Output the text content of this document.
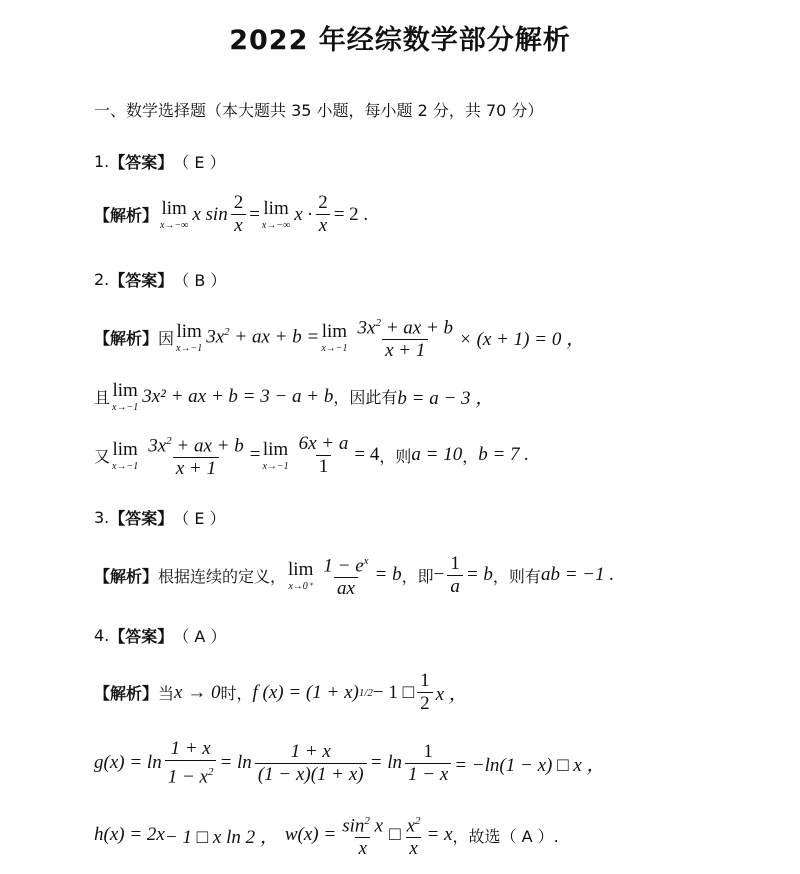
2022 年经综数学部分解析
一、数学选择题（本大题共 35 小题，每小题 2 分，共 70 分）
1. 【答案】 （ E ）
【解析】 lim
x→−∞
x $\sin \frac{2}{x} = \lim$
x→−∞
$x \cdot \frac{2}{x} = 2$ .
2. 【答案】 （ B ）
【解析】 因 lim
x→−1
$3x^2$ + ax + b = lim
$x\to-1 \frac{3x^2 + ax + b}{x + 1} \times (x + 1) = 0$ ，
且 lim
x→−1
3x² + ax + b = 3 − a + b ，因此有 b = a − 3 ，
又 lim
$x\to-1 \frac{3x^2 + ax + b}{x + 1} = \lim$
$x\to-1 \frac{6x + a}{1} = 4$ ，则 a = 10 ， b = 7 .
3. 【答案】 （ E ）
【解析】 根据连续的定义， lim
$x\to 0^+ \frac{1 - e^x}{ax} = b$ ，即 − $\frac{1}{a} = b$ ，则有 ab = −1 .
4. 【答案】 （ A ）
【解析】 当 x → 0 时， f (x) = (1 + x) 1/2 − 1 □ $\frac{1}{2}$ x ，
$g(x) = \ln \frac{1 + x}{1 - x^2} = \ln \frac{1 + x}{(1 - x)(1 + x)} = \ln \frac{1}{1 - x} = -\ln(1 - x)$ □ x ，
h(x) = 2 x − 1 □ x ln 2 ， $w(x) = \frac{\sin^2 x}{x}$ □ $\frac{x^2}{x} = x$ ，故选（ A ）.
